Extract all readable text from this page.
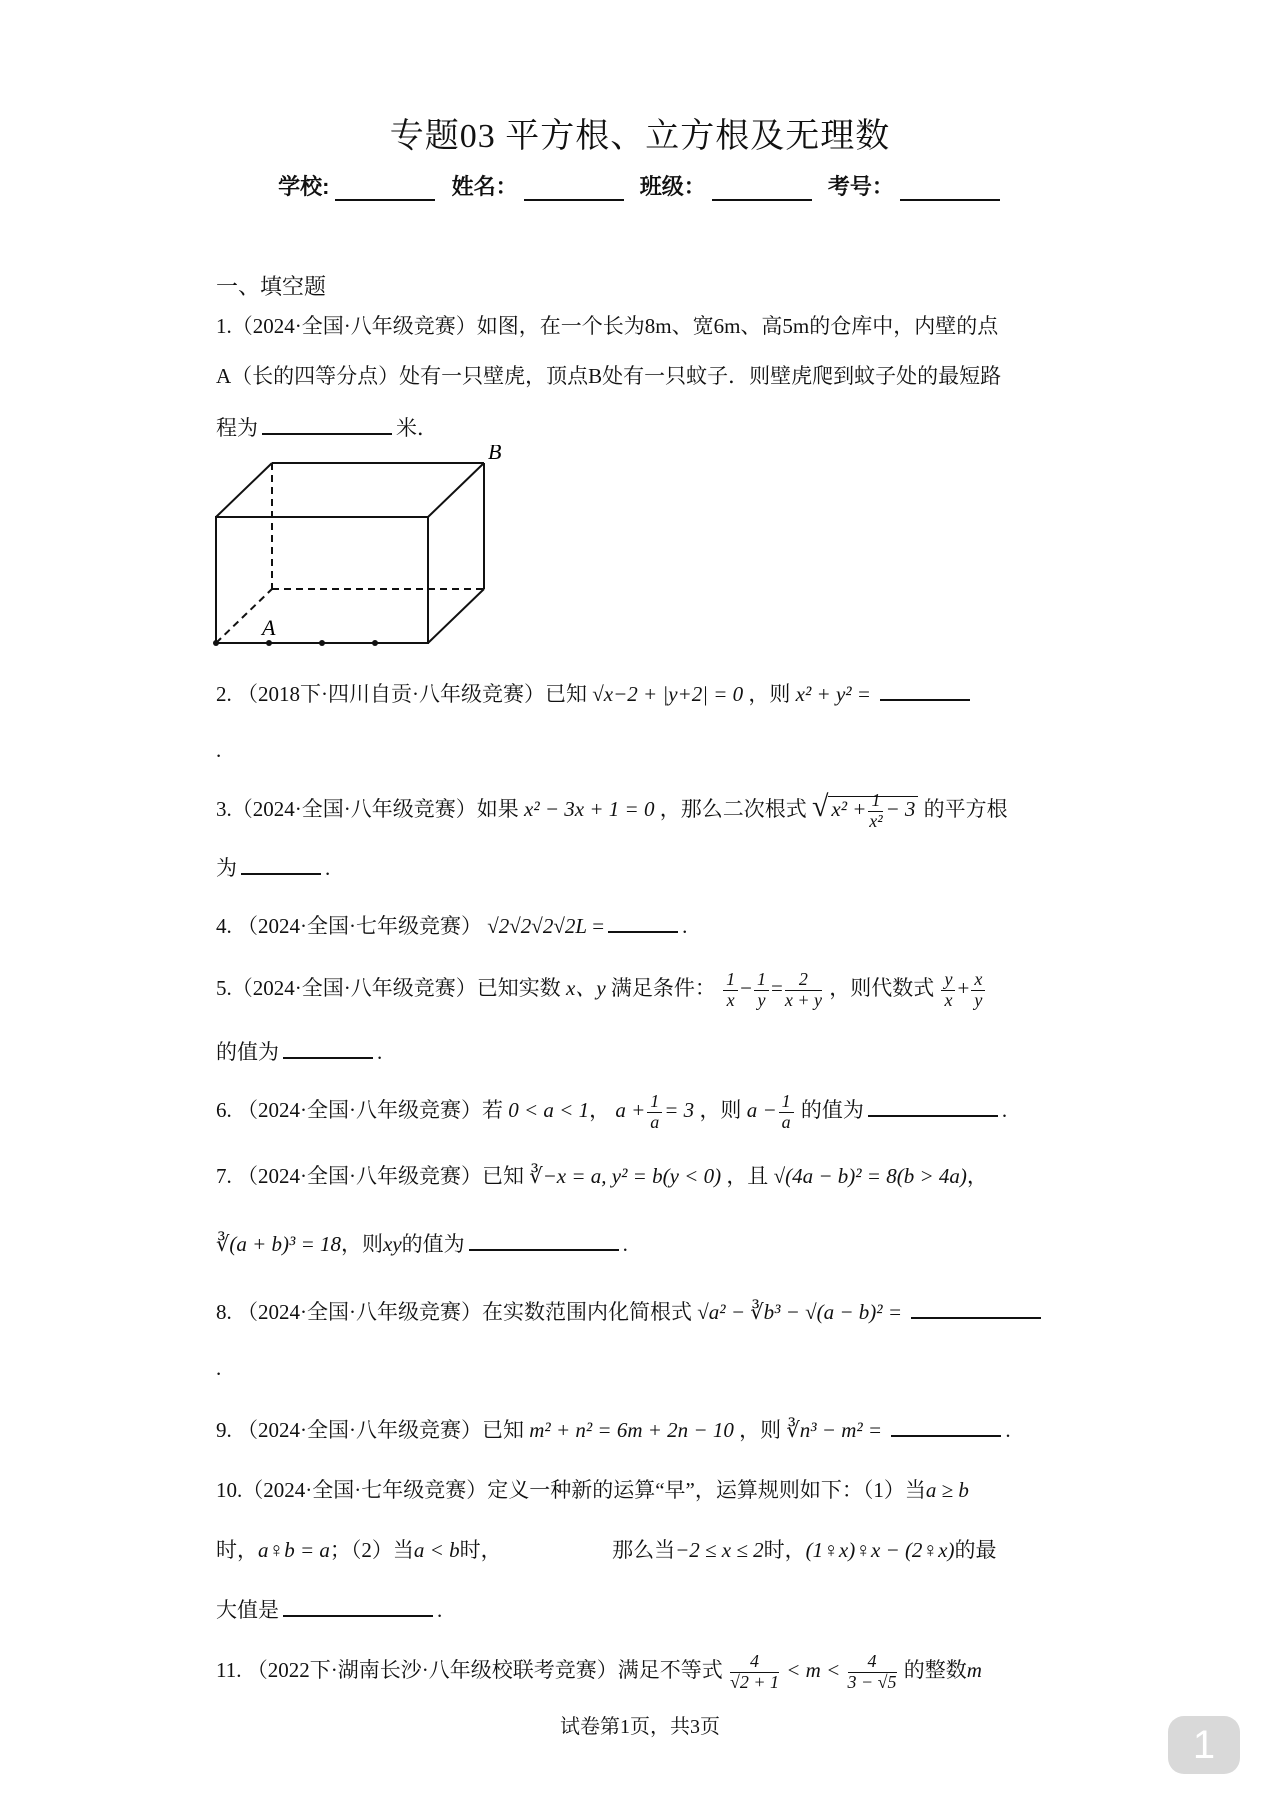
专题03 平方根、立方根及无理数
学校:	姓名：	班级：	考号：
一、填空题
1.（2024·全国·八年级竞赛）如图，在一个长为8m、宽6m、高5m的仓库中，内壁的点
A（长的四等分点）处有一只壁虎，顶点B处有一只蚊子．则壁虎爬到蚊子处的最短路
程为	米．
A
B
2. （2018下·四川自贡·八年级竞赛）已知 √x−2 + |y+2| = 0 ，则 x² + y² =
.
3.（2024·全国·八年级竞赛）如果 x² − 3x + 1 = 0 ，那么二次根式 √ $x^2 + \frac{1}{\text{x²}} - 3$ 的平方根
为	.
4. （2024·全国·七年级竞赛） √2√2√2√2L =	.
5.（2024·全国·八年级竞赛）已知实数 x、y 满足条件： $\frac{1}{x} - \frac{1}{y} = \frac{2}{x + y}$ ，则代数式 $\frac{y}{x} + \frac{x}{y}$
的值为	.
6. （2024·全国·八年级竞赛）若 0 < a < 1， $a + \frac{1}{a} = 3$ ，则 $a - \frac{1}{a}$ 的值为	.
7. （2024·全国·八年级竞赛）已知 ∛−x = a, y² = b(y < 0) ，且 √(4a − b)² = 8(b > 4a)，
∛(a + b)³ = 18，则xy的值为	.
8. （2024·全国·八年级竞赛）在实数范围内化简根式 √a² − ∛b³ − √(a − b)² =
.
9. （2024·全国·八年级竞赛）已知 m² + n² = 6m + 2n − 10 ，则 ∛n³ − m² =	.
10.（2024·全国·七年级竞赛）定义一种新的运算“早”，运算规则如下：（1）当a ≥ b
时，a♀b = a；（2）当a < b时，	那么当−2 ≤ x ≤ 2时，(1♀x)♀x − (2♀x)的最
大值是	.
11. （2022下·湖南长沙·八年级校联考竞赛）满足不等式 $\frac{4}{√2 + 1} < m < \frac{4}{3 - √5}$ 的整数m
试卷第1页，共3页	1
